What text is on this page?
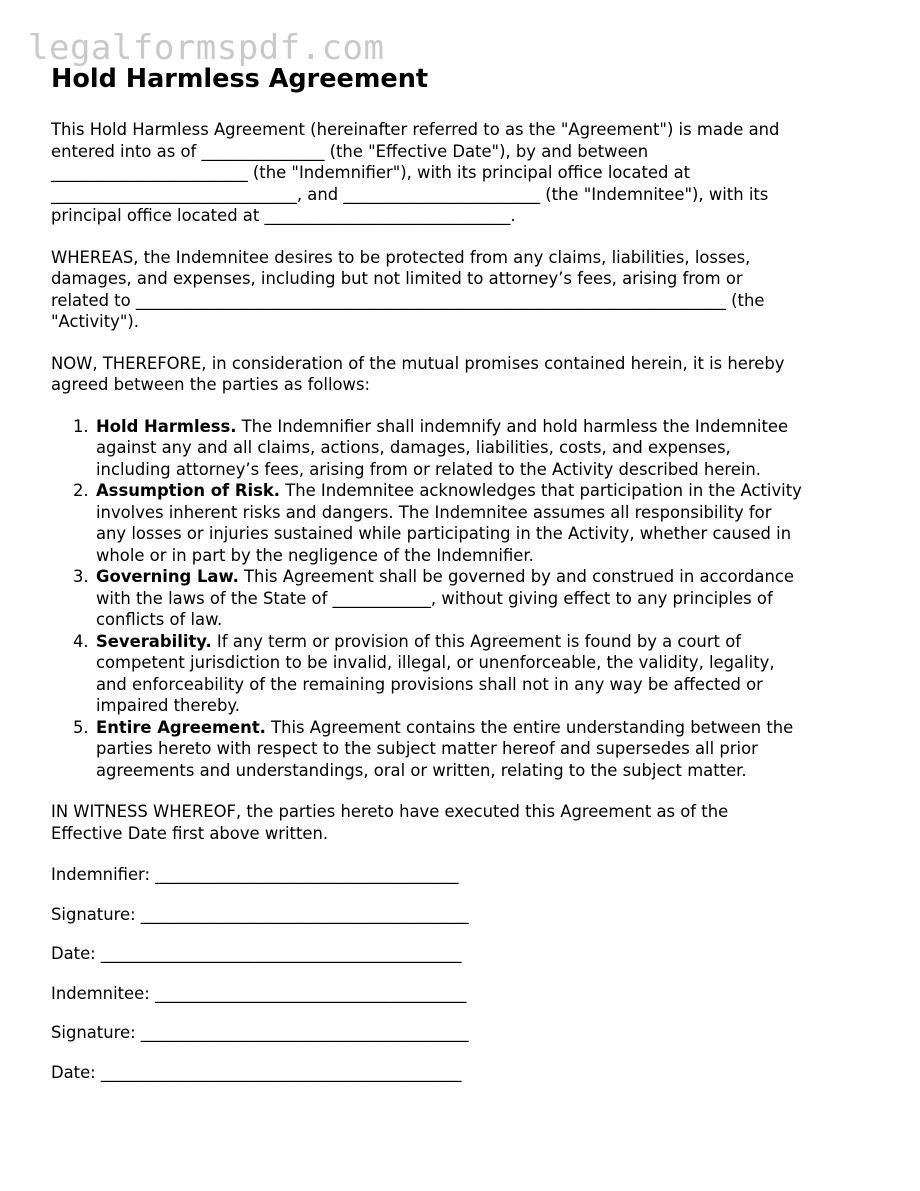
legalformspdf.com
Hold Harmless Agreement
This Hold Harmless Agreement (hereinafter referred to as the "Agreement") is made and
entered into as of _______________ (the "Effective Date"), by and between
________________________ (the "Indemnifier"), with its principal office located at
______________________________, and ________________________ (the "Indemnitee"), with its
principal office located at ______________________________.
WHEREAS, the Indemnitee desires to be protected from any claims, liabilities, losses,
damages, and expenses, including but not limited to attorney’s fees, arising from or
related to ________________________________________________________________________ (the
"Activity").
NOW, THEREFORE, in consideration of the mutual promises contained herein, it is hereby
agreed between the parties as follows:
1. Hold Harmless. The Indemnifier shall indemnify and hold harmless the Indemnitee
against any and all claims, actions, damages, liabilities, costs, and expenses,
including attorney’s fees, arising from or related to the Activity described herein.
2. Assumption of Risk. The Indemnitee acknowledges that participation in the Activity
involves inherent risks and dangers. The Indemnitee assumes all responsibility for
any losses or injuries sustained while participating in the Activity, whether caused in
whole or in part by the negligence of the Indemnifier.
3. Governing Law. This Agreement shall be governed by and construed in accordance
with the laws of the State of ____________, without giving effect to any principles of
conflicts of law.
4. Severability. If any term or provision of this Agreement is found by a court of
competent jurisdiction to be invalid, illegal, or unenforceable, the validity, legality,
and enforceability of the remaining provisions shall not in any way be affected or
impaired thereby.
5. Entire Agreement. This Agreement contains the entire understanding between the
parties hereto with respect to the subject matter hereof and supersedes all prior
agreements and understandings, oral or written, relating to the subject matter.
IN WITNESS WHEREOF, the parties hereto have executed this Agreement as of the
Effective Date first above written.
Indemnifier: _____________________________________
Signature: ________________________________________
Date: ____________________________________________
Indemnitee: ______________________________________
Signature: ________________________________________
Date: ____________________________________________
